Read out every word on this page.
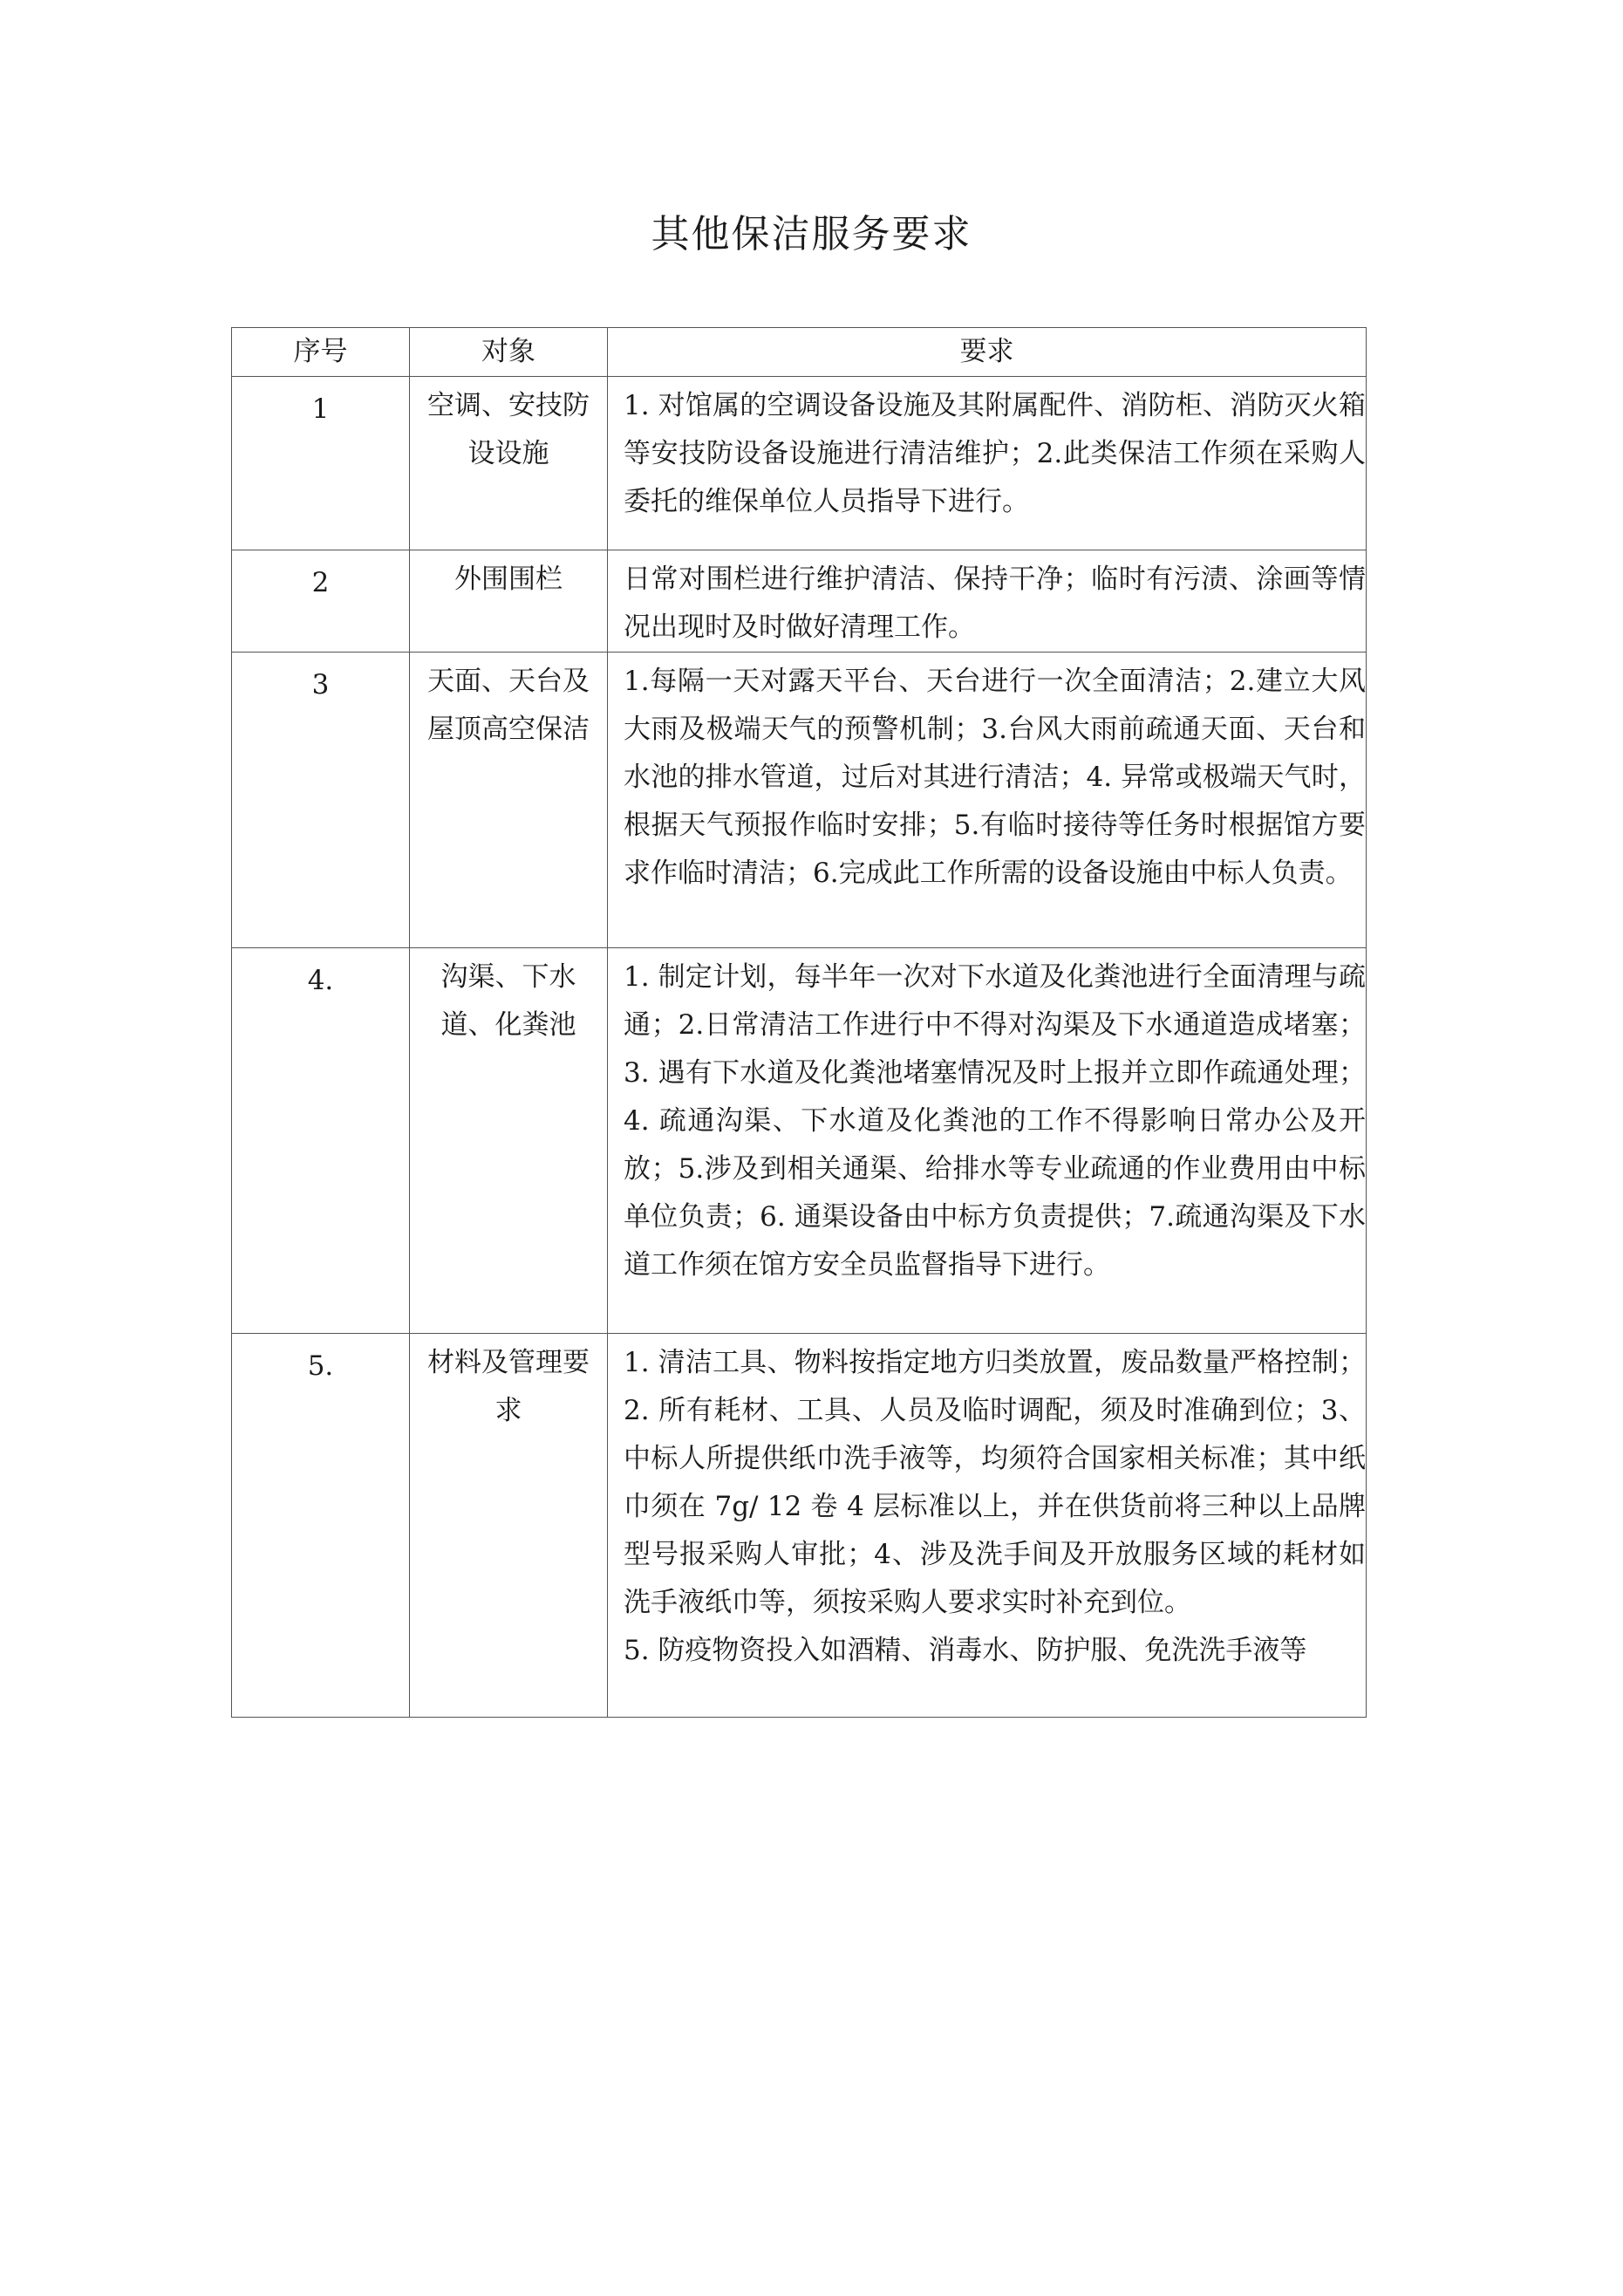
其他保洁服务要求
序号	对象	要求
1	空调、安技防设设施	1. 对馆属的空调设备设施及其附属配件、消防柜、消防灭火箱等安技防设备设施进行清洁维护；2.此类保洁工作须在采购人委托的维保单位人员指导下进行。
2	外围围栏	日常对围栏进行维护清洁、保持干净；临时有污渍、涂画等情况出现时及时做好清理工作。
3	天面、天台及屋顶高空保洁	1.每隔一天对露天平台、天台进行一次全面清洁；2.建立大风大雨及极端天气的预警机制；3.台风大雨前疏通天面、天台和水池的排水管道，过后对其进行清洁；4. 异常或极端天气时，根据天气预报作临时安排；5.有临时接待等任务时根据馆方要求作临时清洁；6.完成此工作所需的设备设施由中标人负责。
4.	沟渠、下水道、化粪池	1. 制定计划，每半年一次对下水道及化粪池进行全面清理与疏通；2.日常清洁工作进行中不得对沟渠及下水通道造成堵塞；3. 遇有下水道及化粪池堵塞情况及时上报并立即作疏通处理；4. 疏通沟渠、下水道及化粪池的工作不得影响日常办公及开放；5.涉及到相关通渠、给排水等专业疏通的作业费用由中标单位负责；6. 通渠设备由中标方负责提供；7.疏通沟渠及下水道工作须在馆方安全员监督指导下进行。
5.	材料及管理要求	1. 清洁工具、物料按指定地方归类放置，废品数量严格控制；2. 所有耗材、工具、人员及临时调配，须及时准确到位；3、中标人所提供纸巾洗手液等，均须符合国家相关标准；其中纸巾须在 7g/ 12 卷 4 层标准以上，并在供货前将三种以上品牌型号报采购人审批；4、涉及洗手间及开放服务区域的耗材如洗手液纸巾等，须按采购人要求实时补充到位。
5. 防疫物资投入如酒精、消毒水、防护服、免洗洗手液等
